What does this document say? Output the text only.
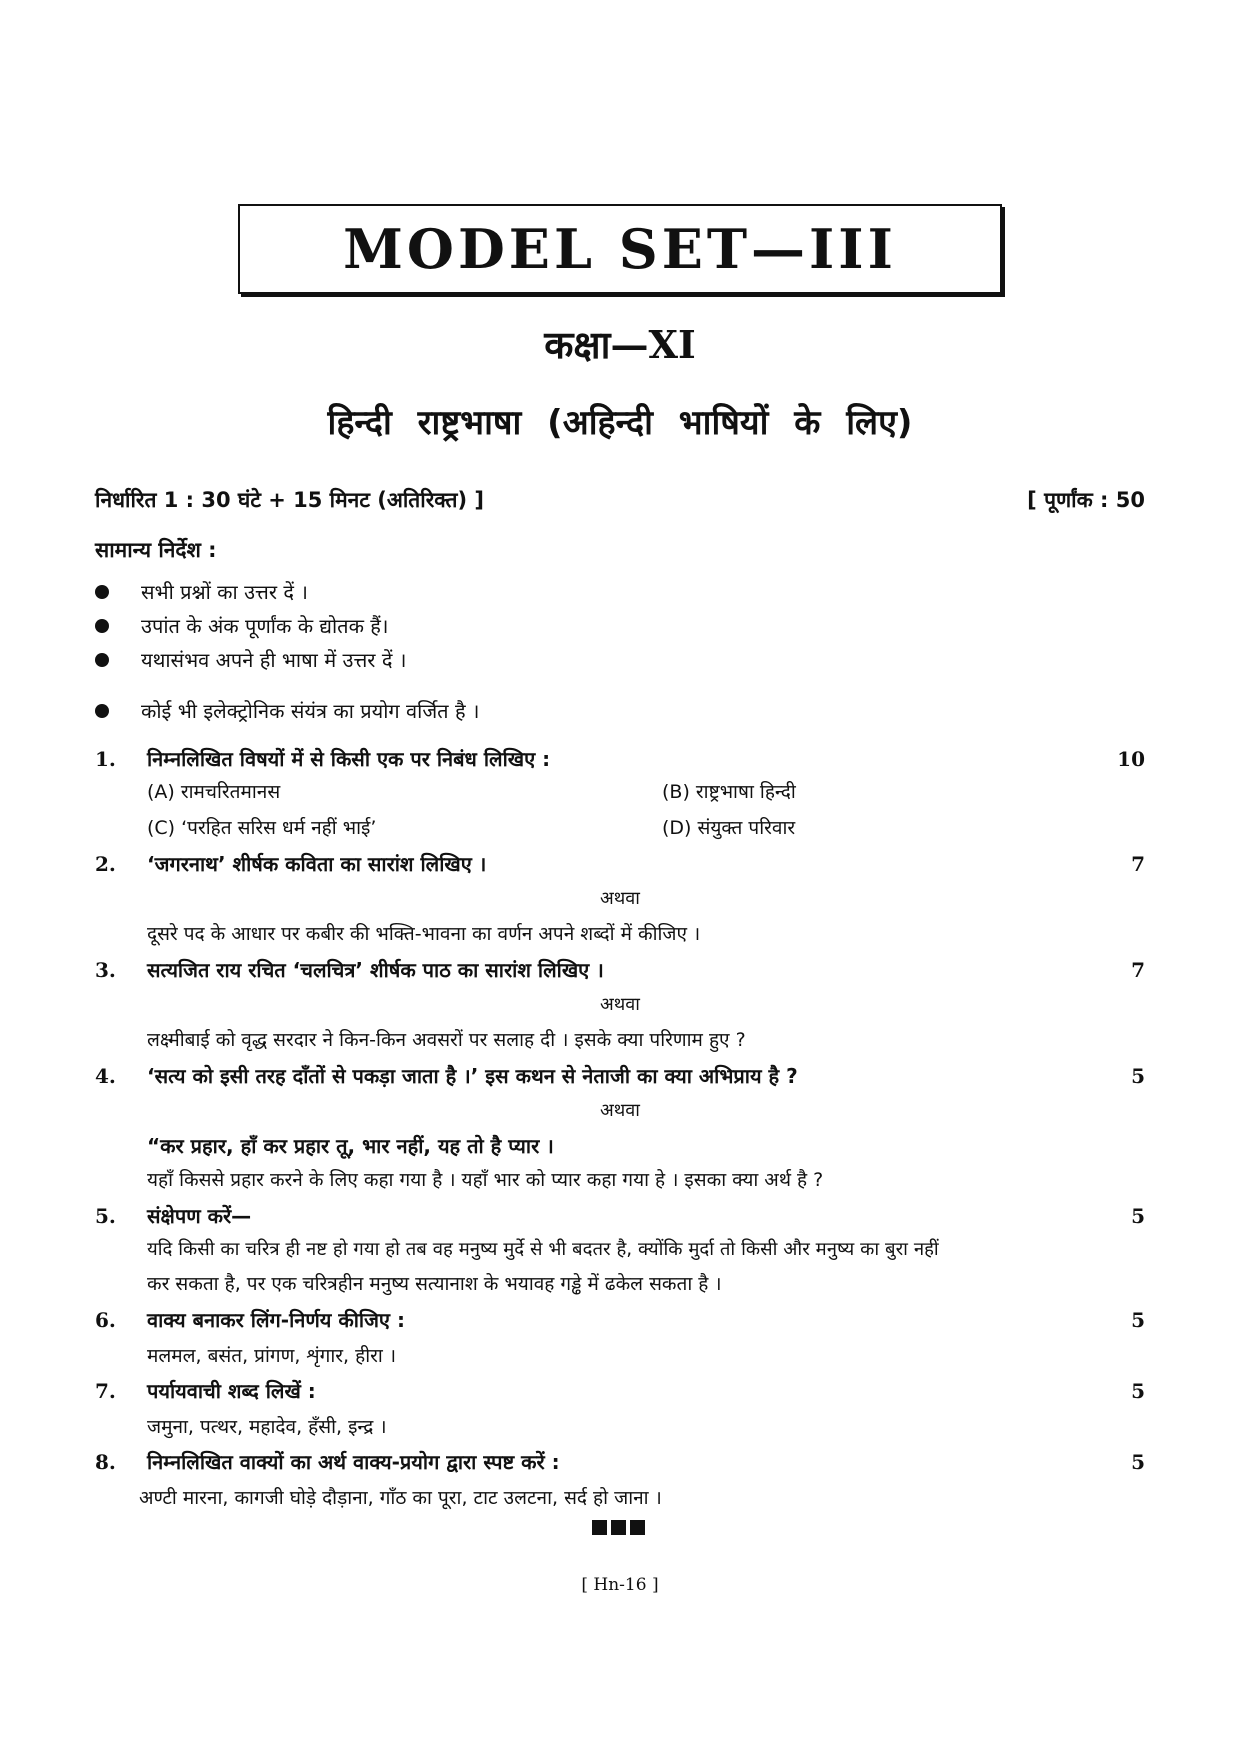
MODEL SET—III
कक्षा—XI
हिन्दी राष्ट्रभाषा (अहिन्दी भाषियों के लिए)
निर्धारित 1 : 30 घंटे + 15 मिनट (अतिरिक्त) ]	[ पूर्णांक : 50
सामान्य निर्देश :
सभी प्रश्नों का उत्तर दें ।
उपांत के अंक पूर्णांक के द्योतक हैं।
यथासंभव अपने ही भाषा में उत्तर दें ।
कोई भी इलेक्ट्रोनिक संयंत्र का प्रयोग वर्जित है ।
1.	निम्नलिखित विषयों में से किसी एक पर निबंध लिखिए :	10
(A) रामचरितमानस	(B) राष्ट्रभाषा हिन्दी
(C) ‘परहित सरिस धर्म नहीं भाई’	(D) संयुक्त परिवार
2.	‘जगरनाथ’ शीर्षक कविता का सारांश लिखिए ।	7
अथवा
दूसरे पद के आधार पर कबीर की भक्ति-भावना का वर्णन अपने शब्दों में कीजिए ।
3.	सत्यजित राय रचित ‘चलचित्र’ शीर्षक पाठ का सारांश लिखिए ।	7
अथवा
लक्ष्मीबाई को वृद्ध सरदार ने किन-किन अवसरों पर सलाह दी । इसके क्या परिणाम हुए ?
4.	‘सत्य को इसी तरह दाँतों से पकड़ा जाता है ।’ इस कथन से नेताजी का क्या अभिप्राय है ?	5
अथवा
“कर प्रहार, हाँ कर प्रहार तू, भार नहीं, यह तो है प्यार ।
यहाँ किससे प्रहार करने के लिए कहा गया है । यहाँ भार को प्यार कहा गया हे । इसका क्या अर्थ है ?
5.	संक्षेपण करें—	5
यदि किसी का चरित्र ही नष्ट हो गया हो तब वह मनुष्य मुर्दे से भी बदतर है, क्योंकि मुर्दा तो किसी और मनुष्य का बुरा नहीं
कर सकता है, पर एक चरित्रहीन मनुष्य सत्यानाश के भयावह गड्ढे में ढकेल सकता है ।
6.	वाक्य बनाकर लिंग-निर्णय कीजिए :	5
मलमल, बसंत, प्रांगण, शृंगार, हीरा ।
7.	पर्यायवाची शब्द लिखें :	5
जमुना, पत्थर, महादेव, हँसी, इन्द्र ।
8.	निम्नलिखित वाक्यों का अर्थ वाक्य-प्रयोग द्वारा स्पष्ट करें :	5
अण्टी मारना, कागजी घोड़े दौड़ाना, गाँठ का पूरा, टाट उलटना, सर्द हो जाना ।
[ Hn-16 ]
